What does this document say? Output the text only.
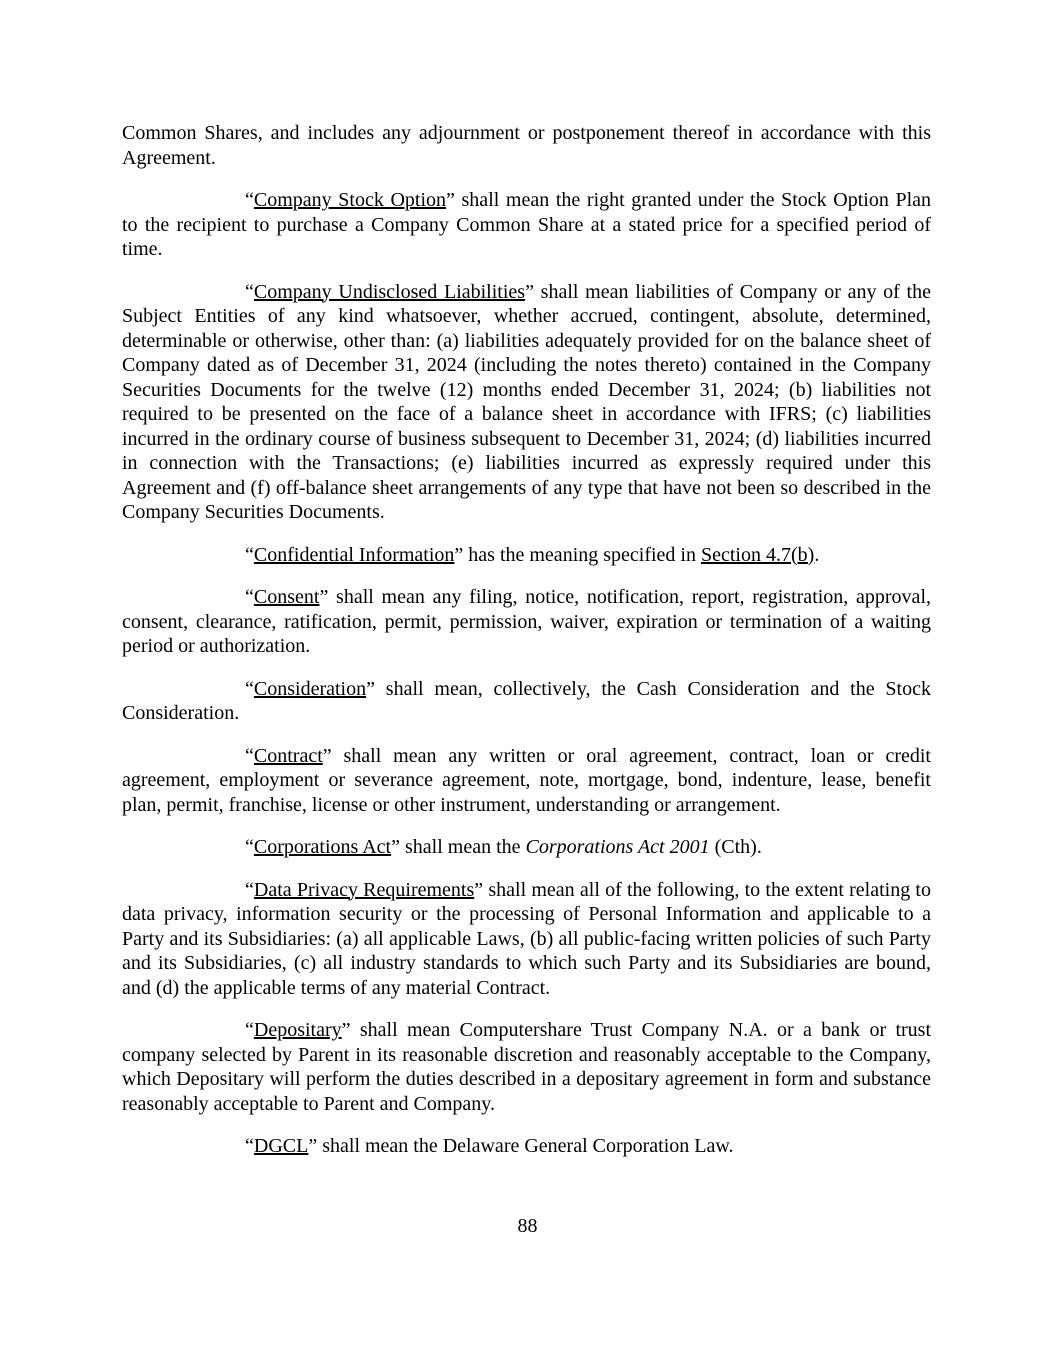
Common Shares, and includes any adjournment or postponement thereof in accordance with this Agreement.

“Company Stock Option” shall mean the right granted under the Stock Option Plan to the recipient to purchase a Company Common Share at a stated price for a specified period of time.

“Company Undisclosed Liabilities” shall mean liabilities of Company or any of the Subject Entities of any kind whatsoever, whether accrued, contingent, absolute, determined, determinable or otherwise, other than: (a) liabilities adequately provided for on the balance sheet of Company dated as of December 31, 2024 (including the notes thereto) contained in the Company Securities Documents for the twelve (12) months ended December 31, 2024; (b) liabilities not required to be presented on the face of a balance sheet in accordance with IFRS; (c) liabilities incurred in the ordinary course of business subsequent to December 31, 2024; (d) liabilities incurred in connection with the Transactions; (e) liabilities incurred as expressly required under this Agreement and (f) off-balance sheet arrangements of any type that have not been so described in the Company Securities Documents.

“Confidential Information” has the meaning specified in Section 4.7(b).

“Consent” shall mean any filing, notice, notification, report, registration, approval, consent, clearance, ratification, permit, permission, waiver, expiration or termination of a waiting period or authorization.

“Consideration” shall mean, collectively, the Cash Consideration and the Stock Consideration.

“Contract” shall mean any written or oral agreement, contract, loan or credit agreement, employment or severance agreement, note, mortgage, bond, indenture, lease, benefit plan, permit, franchise, license or other instrument, understanding or arrangement.

“Corporations Act” shall mean the Corporations Act 2001 (Cth).

“Data Privacy Requirements” shall mean all of the following, to the extent relating to data privacy, information security or the processing of Personal Information and applicable to a Party and its Subsidiaries: (a) all applicable Laws, (b) all public-facing written policies of such Party and its Subsidiaries, (c) all industry standards to which such Party and its Subsidiaries are bound, and (d) the applicable terms of any material Contract.

“Depositary” shall mean Computershare Trust Company N.A. or a bank or trust company selected by Parent in its reasonable discretion and reasonably acceptable to the Company, which Depositary will perform the duties described in a depositary agreement in form and substance reasonably acceptable to Parent and Company.

“DGCL” shall mean the Delaware General Corporation Law.

88
